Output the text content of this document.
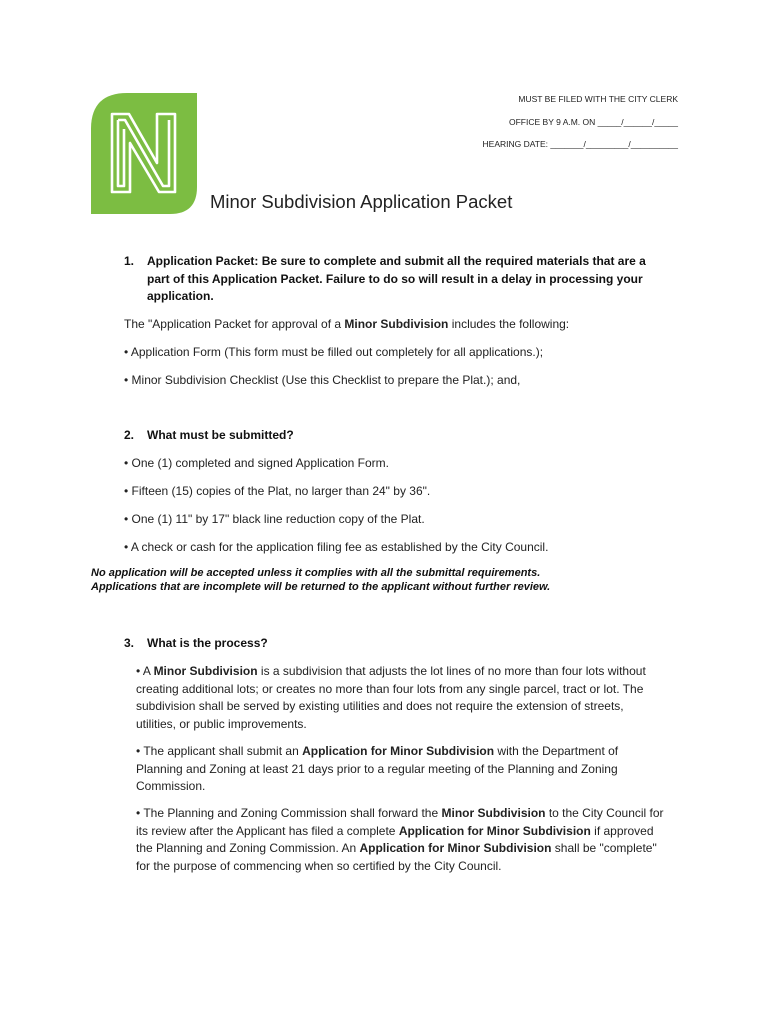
MUST BE FILED WITH THE CITY CLERK
OFFICE BY 9 A.M. ON _____/______/_____
HEARING DATE: _______/_________/__________
Minor Subdivision Application Packet
1.	Application Packet: Be sure to complete and submit all the required materials that are a part of this Application Packet. Failure to do so will result in a delay in processing your application.
The "Application Packet for approval of a Minor Subdivision includes the following:
• Application Form (This form must be filled out completely for all applications.);
• Minor Subdivision Checklist (Use this Checklist to prepare the Plat.); and,
2.	What must be submitted?
• One (1) completed and signed Application Form.
• Fifteen (15) copies of the Plat, no larger than 24" by 36".
• One (1) 11" by 17" black line reduction copy of the Plat.
• A check or cash for the application filing fee as established by the City Council.
No application will be accepted unless it complies with all the submittal requirements.
Applications that are incomplete will be returned to the applicant without further review.
3.	What is the process?
• A Minor Subdivision is a subdivision that adjusts the lot lines of no more than four lots without creating additional lots; or creates no more than four lots from any single parcel, tract or lot. The subdivision shall be served by existing utilities and does not require the extension of streets, utilities, or public improvements.
• The applicant shall submit an Application for Minor Subdivision with the Department of Planning and Zoning at least 21 days prior to a regular meeting of the Planning and Zoning Commission.
• The Planning and Zoning Commission shall forward the Minor Subdivision to the City Council for its review after the Applicant has filed a complete Application for Minor Subdivision if approved the Planning and Zoning Commission. An Application for Minor Subdivision shall be "complete" for the purpose of commencing when so certified by the City Council.
